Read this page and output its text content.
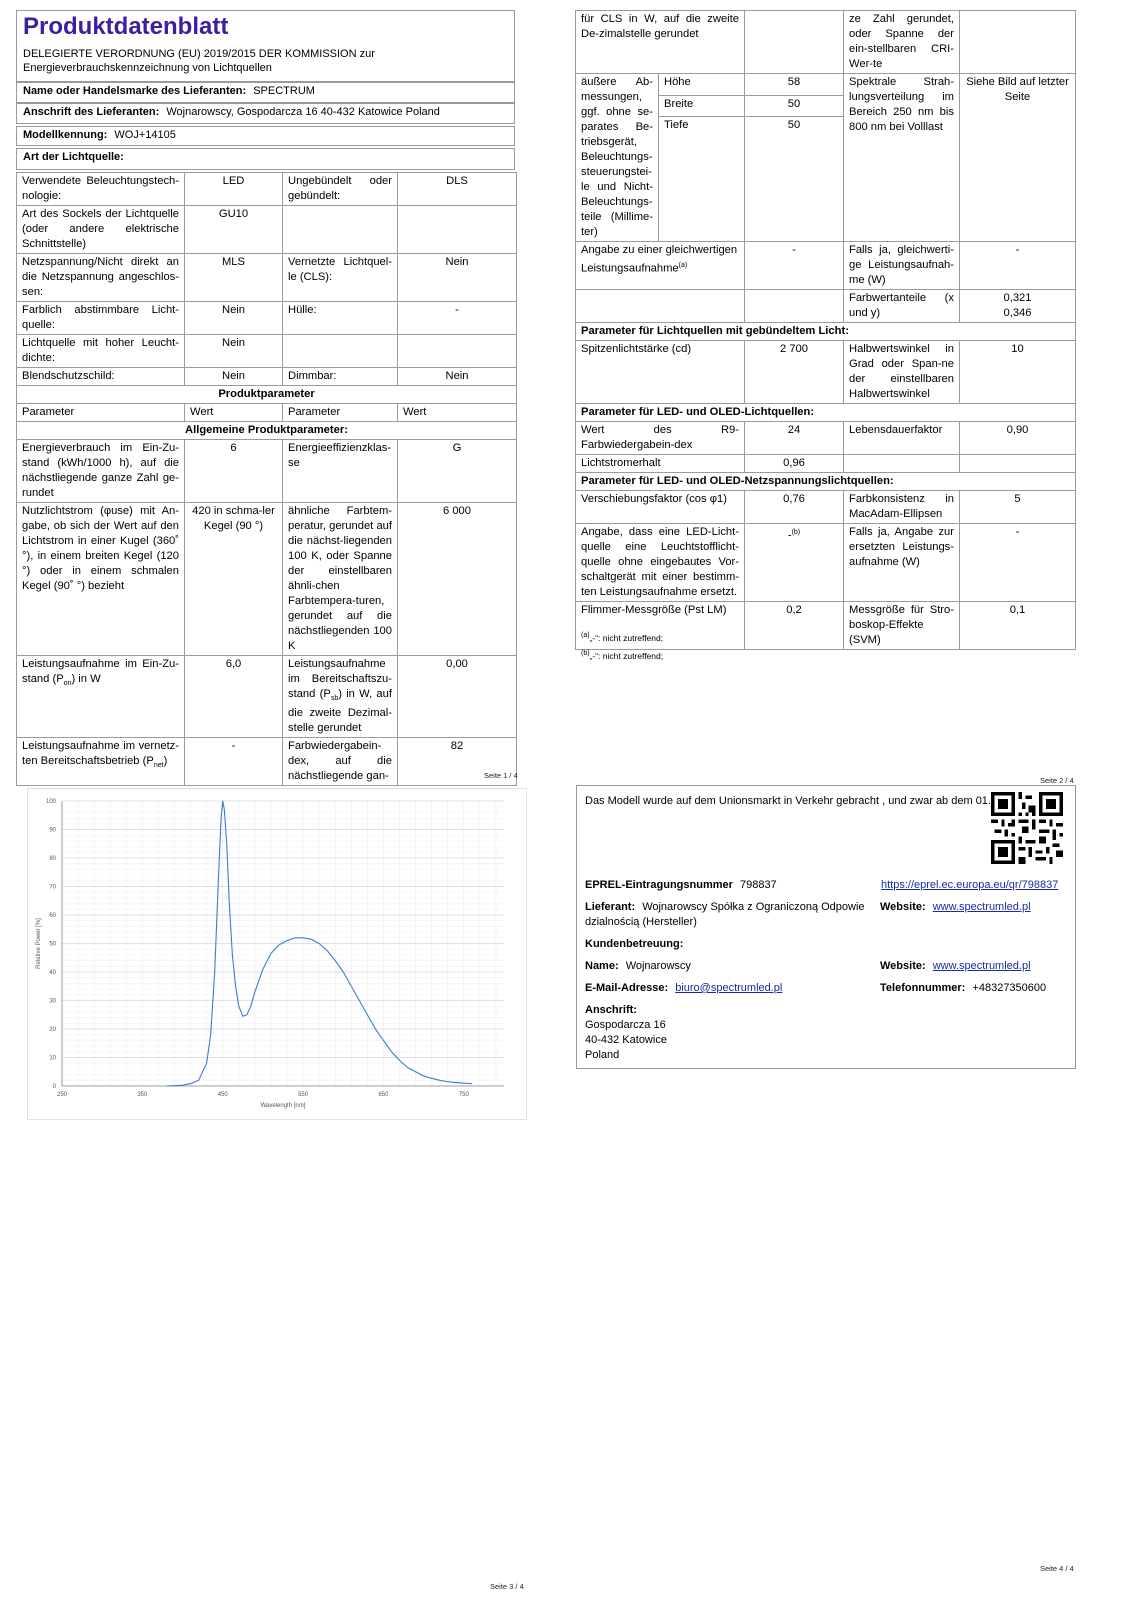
Produktdatenblatt
DELEGIERTE VERORDNUNG (EU) 2019/2015 DER KOMMISSION zur
Energieverbrauchskennzeichnung von Lichtquellen
Name oder Handelsmarke des Lieferanten: SPECTRUM
Anschrift des Lieferanten: Wojnarowscy, Gospodarcza 16 40-432 Katowice Poland
Modellkennung: WOJ+14105
Art der Lichtquelle:
Verwendete Beleuchtungstech-nologie:	LED	Ungebündelt oder gebündelt:	DLS
Art des Sockels der Lichtquelle (oder andere elektrische Schnittstelle)	GU10		
Netzspannung/Nicht direkt an die Netzspannung angeschlos-sen:	MLS	Vernetzte Lichtquel-le (CLS):	Nein
Farblich abstimmbare Licht-quelle:	Nein	Hülle:	-
Lichtquelle mit hoher Leucht-dichte:	Nein		
Blendschutzschild:	Nein	Dimmbar:	Nein
Produktparameter			
Parameter	Wert	Parameter	Wert
Allgemeine Produktparameter:			
Energieverbrauch im Ein-Zu-stand (kWh/1000 h), auf die nächstliegende ganze Zahl ge-rundet	6	Energieeffizienzklas-se	G
Nutzlichtstrom (φuse) mit An-gabe, ob sich der Wert auf den Lichtstrom in einer Kugel (360˚ °), in einem breiten Kegel (120 °) oder in einem schmalen Kegel (90˚ °) bezieht	420 in schma-ler Kegel (90 °)	ähnliche Farbtem-peratur, gerundet auf die nächst-liegenden 100 K, oder Spanne der einstellbaren ähnli-chen Farbtempera-turen, gerundet auf die nächstliegenden 100 K	6 000
Leistungsaufnahme im Ein-Zu-stand $(P_{on})$ in W	6,0	Leistungsaufnahme im Bereitschaftszu-stand $(P_{sb})$ in W, auf die zweite Dezimal-stelle gerundet	0,00
Leistungsaufnahme im vernetz-ten Bereitschaftsbetrieb $(P_{net})$	-	Farbwiedergabein-dex, auf die nächstliegende gan-	82
Seite 1 / 4
für CLS in W, auf die zweite De-zimalstelle gerundet			ze Zahl gerundet, oder Spanne der ein-stellbaren CRI-Wer-te	
äußere Ab-messungen, ggf. ohne se-parates Be-triebsgerät, Beleuchtungs-steuerungstei-le und Nicht-Beleuchtungs-teile (Millime-ter)	Höhe	58	Spektrale Strah-lungsverteilung im Bereich 250 nm bis 800 nm bei Volllast	Siehe Bild auf letzter Seite
	Breite	50		
	Tiefe	50		

Angabe zu einer gleichwertigen Leistungsaufnahme$^{(a)}$		-	Falls ja, gleichwerti-ge Leistungsaufnah-me (W)	-
			Farbwertanteile (x und y)	0,321
0,346

Parameter für Lichtquellen mit gebündeltem Licht:				
Spitzenlichtstärke (cd)		2 700	Halbwertswinkel in Grad oder Span-ne der einstellbaren Halbwertswinkel	10
Parameter für LED- und OLED-Lichtquellen:				
Wert des R9-Farbwiedergabein-dex		24	Lebensdauerfaktor	0,90
Lichtstromerhalt		0,96		
Parameter für LED- und OLED-Netzspannungslichtquellen:				
Verschiebungsfaktor (cos φ1)		0,76	Farbkonsistenz in MacAdam-Ellipsen	5
Angabe, dass eine LED-Licht-quelle eine Leuchtstofflicht-quelle ohne eingebautes Vor-schaltgerät mit einer bestimm-ten Leistungsaufnahme ersetzt.		-$^{(b)}$	Falls ja, Angabe zur ersetzten Leistungs-aufnahme (W)	-
Flimmer-Messgröße (Pst LM)		0,2	Messgröße für Stro-boskop-Effekte (SVM)	0,1
$^{(a)}$„-“: nicht zutreffend;
$^{(b)}$„-“: nicht zutreffend;
Seite 2 / 4
250	350	450	550	650	750
0
10
20
30
40
50
60
70
80
90
100
Wavelength [nm]
Relative Power [%]
Seite 3 / 4
Das Modell wurde auf dem Unionsmarkt in Verkehr gebracht , und zwar ab dem 01.
EPREL-Eintragungsnummer 798837	https://eprel.ec.europa.eu/qr/798837
Lieferant: Wojnarowscy Spółka z Ograniczoną Odpowie dzialnością (Hersteller)
Website: www.spectrumled.pl
Kundenbetreuung:
Name: Wojnarowscy	Website: www.spectrumled.pl
E-Mail-Adresse: biuro@spectrumled.pl	Telefonnummer: +48327350600
Anschrift:
Gospodarcza 16
40-432 Katowice
Poland
Seite 4 / 4
